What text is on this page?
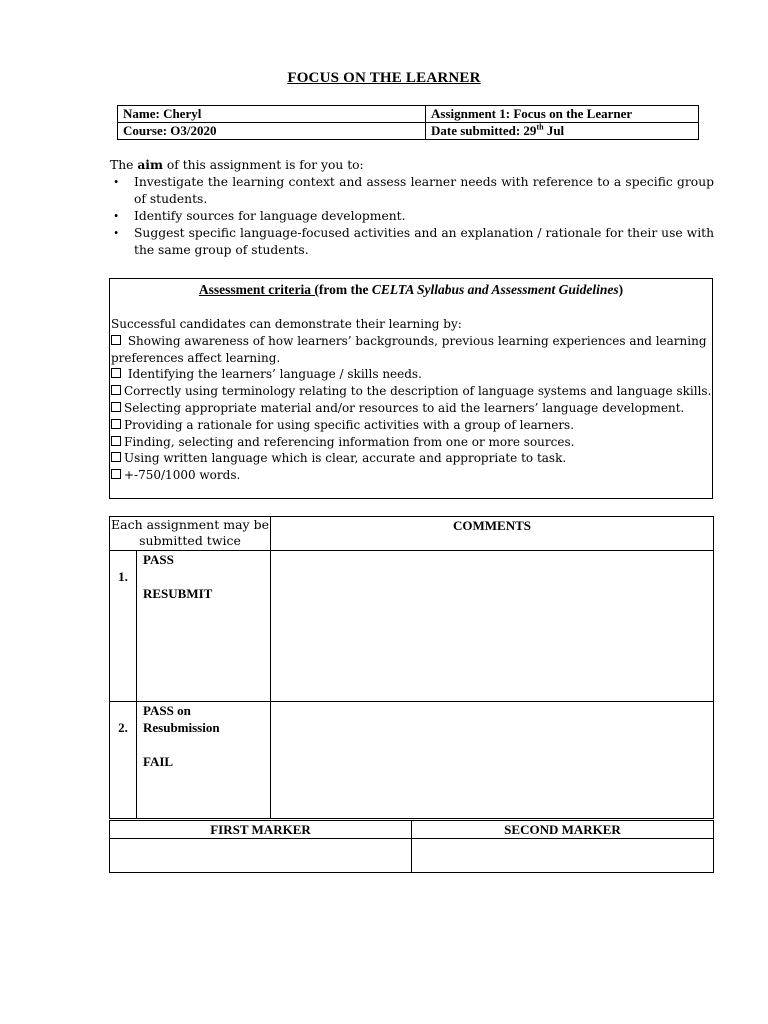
FOCUS ON THE LEARNER
Name: Cheryl	Assignment 1: Focus on the Learner
Course: O3/2020	Date submitted: 29th Jul

The aim of this assignment is for you to:

• Investigate the learning context and assess learner needs with reference to a specific group of students.
• Identify sources for language development.
• Suggest specific language-focused activities and an explanation / rationale for their use with the same group of students.
Assessment criteria (from the CELTA Syllabus and Assessment Guidelines)
Successful candidates can demonstrate their learning by:
Showing awareness of how learners’ backgrounds, previous learning experiences and learning preferences affect learning.
Identifying the learners’ language / skills needs.
Correctly using terminology relating to the description of language systems and language skills.
Selecting appropriate material and/or resources to aid the learners’ language development.
Providing a rationale for using specific activities with a group of learners.
Finding, selecting and referencing information from one or more sources.
Using written language which is clear, accurate and appropriate to task.
+-750/1000 words.
Each assignment may be submitted twice		COMMENTS

1.	PASS
RESUBMIT	

2.	PASS on Resubmission
FAIL	

FIRST MARKER	SECOND MARKER
